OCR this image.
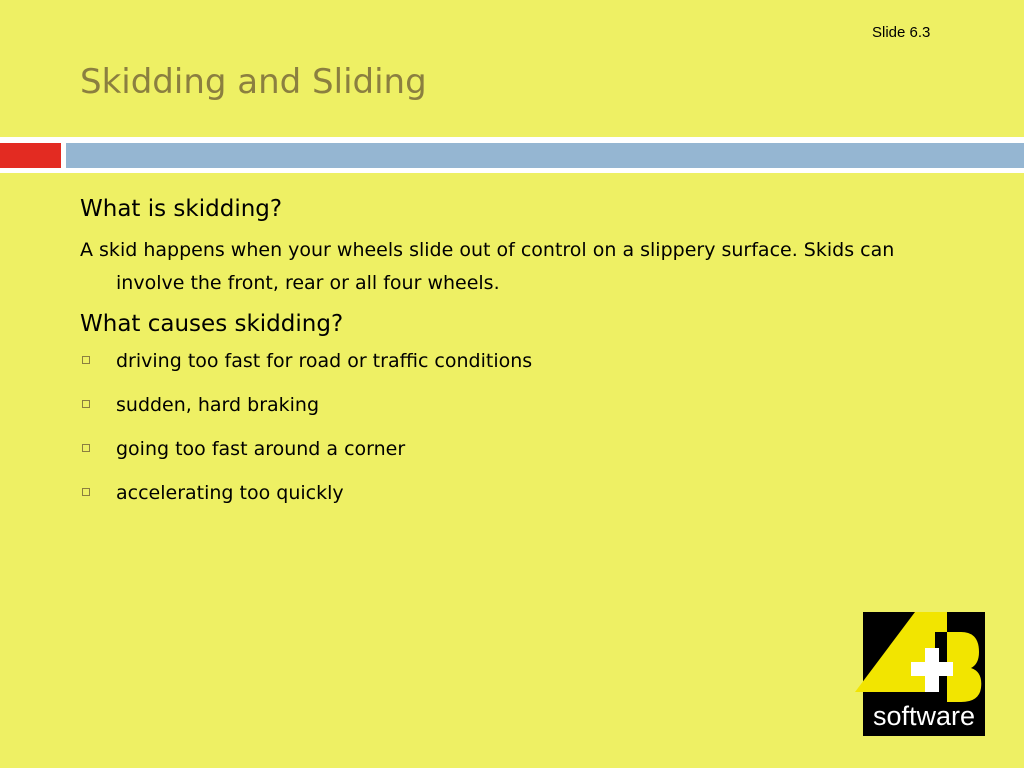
Slide 6.3
Skidding and Sliding
What is skidding?
A skid happens when your wheels slide out of control on a slippery surface. Skids can involve the front, rear or all four wheels.
What causes skidding?
driving too fast for road or traffic conditions
sudden, hard braking
going too fast around a corner
accelerating too quickly
software
